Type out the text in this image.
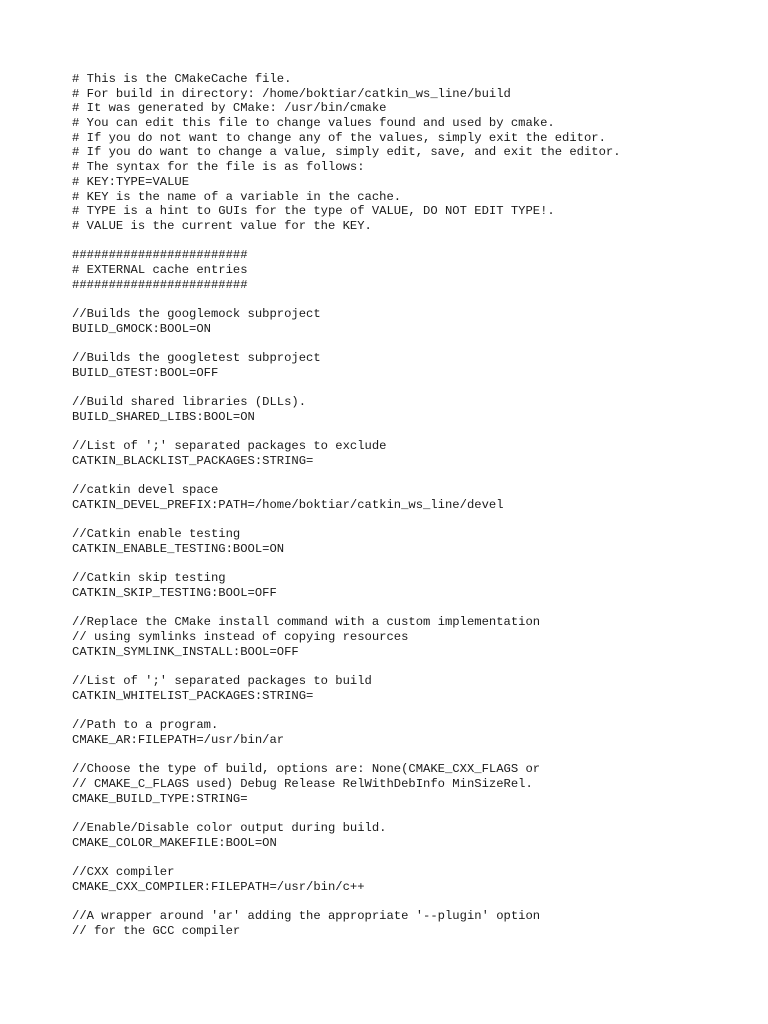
# This is the CMakeCache file.
# For build in directory: /home/boktiar/catkin_ws_line/build
# It was generated by CMake: /usr/bin/cmake
# You can edit this file to change values found and used by cmake.
# If you do not want to change any of the values, simply exit the editor.
# If you do want to change a value, simply edit, save, and exit the editor.
# The syntax for the file is as follows:
# KEY:TYPE=VALUE
# KEY is the name of a variable in the cache.
# TYPE is a hint to GUIs for the type of VALUE, DO NOT EDIT TYPE!.
# VALUE is the current value for the KEY.
########################
# EXTERNAL cache entries
########################
//Builds the googlemock subproject
BUILD_GMOCK:BOOL=ON
//Builds the googletest subproject
BUILD_GTEST:BOOL=OFF
//Build shared libraries (DLLs).
BUILD_SHARED_LIBS:BOOL=ON
//List of ';' separated packages to exclude
CATKIN_BLACKLIST_PACKAGES:STRING=
//catkin devel space
CATKIN_DEVEL_PREFIX:PATH=/home/boktiar/catkin_ws_line/devel
//Catkin enable testing
CATKIN_ENABLE_TESTING:BOOL=ON
//Catkin skip testing
CATKIN_SKIP_TESTING:BOOL=OFF
//Replace the CMake install command with a custom implementation
// using symlinks instead of copying resources
CATKIN_SYMLINK_INSTALL:BOOL=OFF
//List of ';' separated packages to build
CATKIN_WHITELIST_PACKAGES:STRING=
//Path to a program.
CMAKE_AR:FILEPATH=/usr/bin/ar
//Choose the type of build, options are: None(CMAKE_CXX_FLAGS or
// CMAKE_C_FLAGS used) Debug Release RelWithDebInfo MinSizeRel.
CMAKE_BUILD_TYPE:STRING=
//Enable/Disable color output during build.
CMAKE_COLOR_MAKEFILE:BOOL=ON
//CXX compiler
CMAKE_CXX_COMPILER:FILEPATH=/usr/bin/c++
//A wrapper around 'ar' adding the appropriate '--plugin' option
// for the GCC compiler
